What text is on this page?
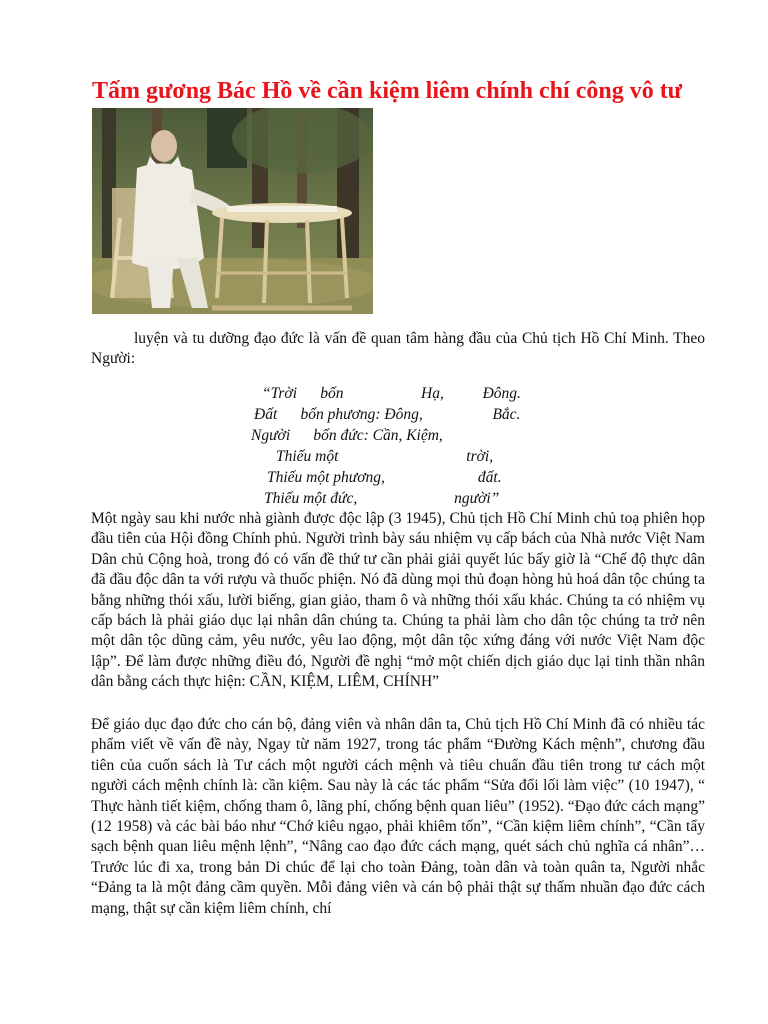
Tấm gương Bác Hồ về cần kiệm liêm chính chí công vô tư

luyện và tu dưỡng đạo đức là vấn đề quan tâm hàng đầu của Chủ tịch Hồ Chí Minh. Theo Người:

“Trời      bốn                    Hạ,          Đông.
Đất      bốn phương: Đông,                  Bắc.
Người      bốn đức: Cần, Kiệm,
Thiếu một                                 trời,
Thiếu một phương,                        đất.
Thiếu một đức,                         người”

Một ngày sau khi nước nhà giành được độc lập (3 1945), Chủ tịch Hồ Chí Minh chủ toạ phiên họp đầu tiên của Hội đồng Chính phủ. Người trình bày sáu nhiệm vụ cấp bách của Nhà nước Việt Nam Dân chủ Cộng hoà, trong đó có vấn đề thứ tư cần phải giải quyết lúc bấy giờ là “Chế độ thực dân đã đầu độc dân ta với rượu và thuốc phiện. Nó đã dùng mọi thủ đoạn hòng hủ hoá dân tộc chúng ta bằng những thói xấu, lười biếng, gian giảo, tham ô và những thói xấu khác. Chúng ta có nhiệm vụ cấp bách là phải giáo dục lại nhân dân chúng ta. Chúng ta phải làm cho dân tộc chúng ta trở nên một dân tộc dũng cảm, yêu nước, yêu lao động, một dân tộc xứng đáng với nước Việt Nam độc lập”. Để làm được những điều đó, Người đề nghị “mở một chiến dịch giáo dục lại tinh thần nhân dân bằng cách thực hiện: CẦN, KIỆM, LIÊM, CHÍNH”

Để giáo dục đạo đức cho cán bộ, đảng viên và nhân dân ta, Chủ tịch Hồ Chí Minh đã có nhiều tác phẩm viết về vấn đề này, Ngay từ năm 1927, trong tác phẩm “Đường Kách mệnh”, chương đầu tiên của cuốn sách là Tư cách một người cách mệnh và tiêu chuẩn đầu tiên trong tư cách một người cách mệnh chính là: cần kiệm. Sau này là các tác phẩm “Sửa đổi lối làm việc” (10 1947), “ Thực hành tiết kiệm, chống tham ô, lãng phí, chống bệnh quan liêu” (1952). “Đạo đức cách mạng” (12 1958) và các bài báo như “Chớ kiêu ngạo, phải khiêm tốn”, “Cần kiệm liêm chính”, “Cần tẩy sạch bệnh quan liêu mệnh lệnh”, “Nâng cao đạo đức cách mạng, quét sách chủ nghĩa cá nhân”… Trước lúc đi xa, trong bản Di chúc để lại cho toàn Đảng, toàn dân và toàn quân ta, Người nhắc “Đảng ta là một đảng cầm quyền. Mỗi đảng viên và cán bộ phải thật sự thấm nhuần đạo đức cách mạng, thật sự cần kiệm liêm chính, chí
